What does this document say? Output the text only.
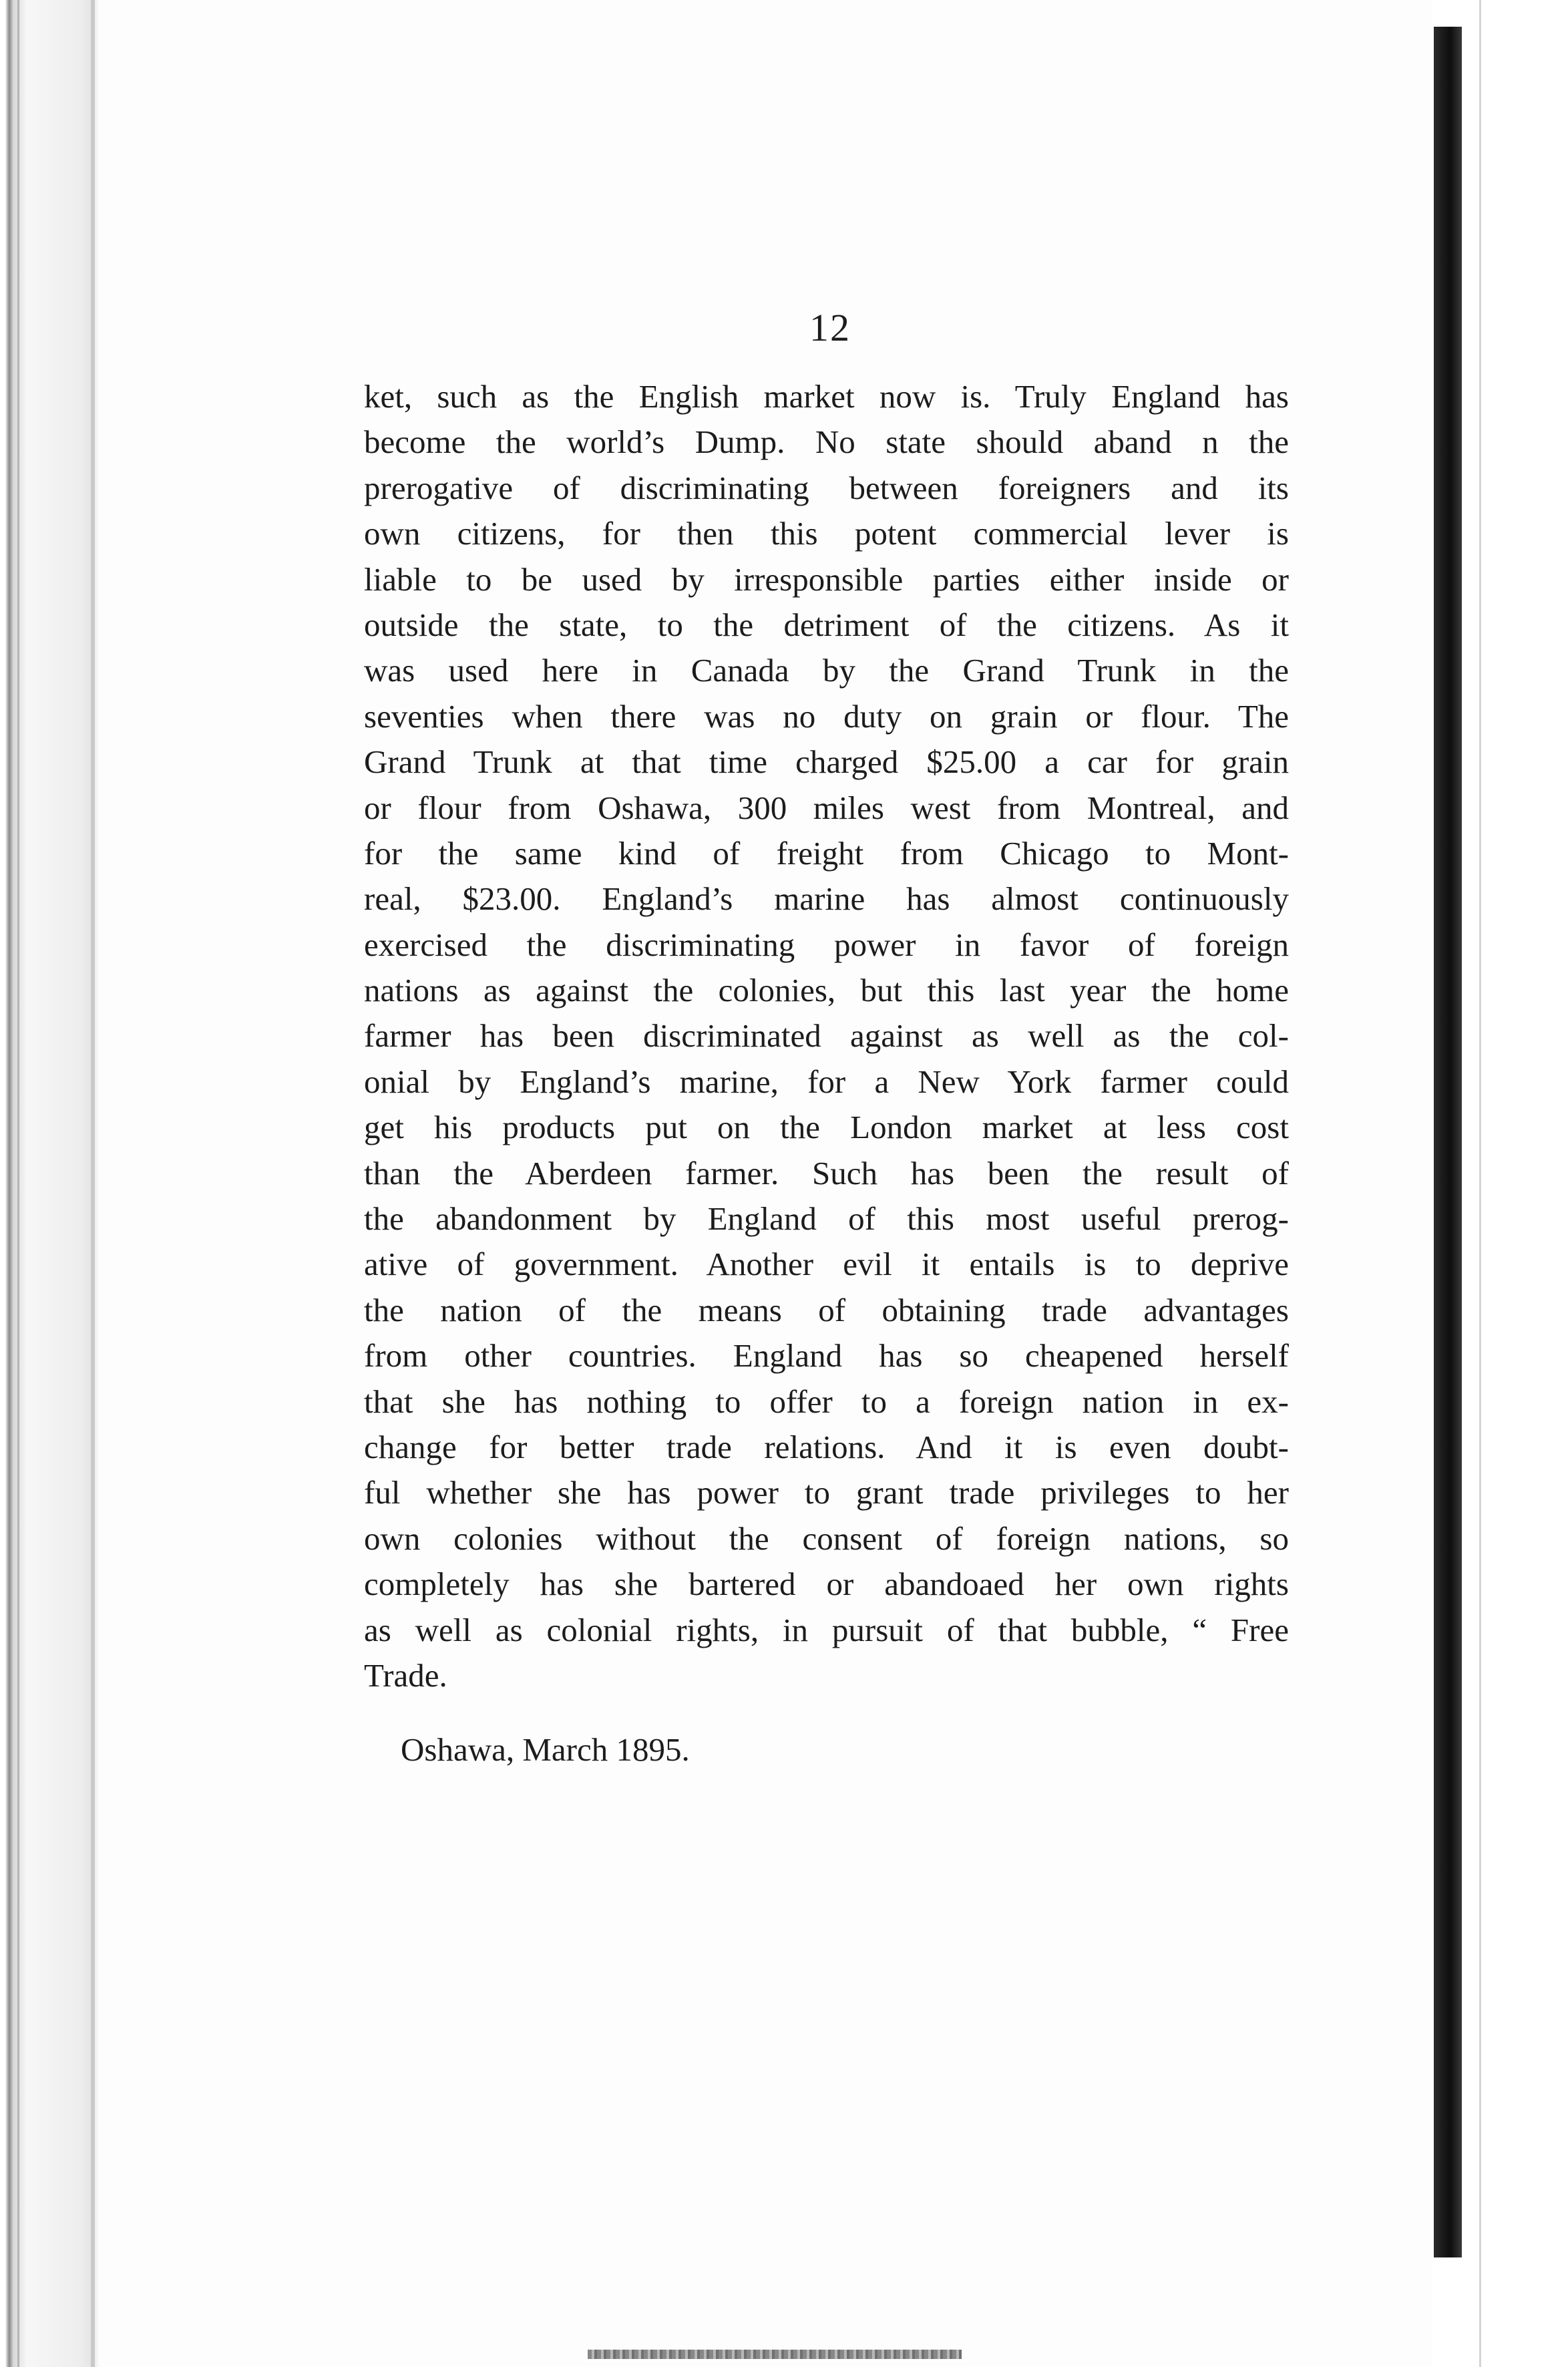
12
ket, such as the English market now is. Truly England has
become the world’s Dump. No state should aband n the
prerogative of discriminating between foreigners and its
own citizens, for then this potent commercial lever is
liable to be used by irresponsible parties either inside or
outside the state, to the detriment of the citizens. As it
was used here in Canada by the Grand Trunk in the
seventies when there was no duty on grain or flour. The
Grand Trunk at that time charged $25.00 a car for grain
or flour from Oshawa, 300 miles west from Montreal, and
for the same kind of freight from Chicago to Mont-
real, $23.00. England’s marine has almost continuously
exercised the discriminating power in favor of foreign
nations as against the colonies, but this last year the home
farmer has been discriminated against as well as the col-
onial by England’s marine, for a New York farmer could
get his products put on the London market at less cost
than the Aberdeen farmer. Such has been the result of
the abandonment by England of this most useful prerog-
ative of government. Another evil it entails is to deprive
the nation of the means of obtaining trade advantages
from other countries. England has so cheapened herself
that she has nothing to offer to a foreign nation in ex-
change for better trade relations. And it is even doubt-
ful whether she has power to grant trade privileges to her
own colonies without the consent of foreign nations, so
completely has she bartered or abandoaed her own rights
as well as colonial rights, in pursuit of that bubble, “ Free
Trade.
Oshawa, March 1895.
